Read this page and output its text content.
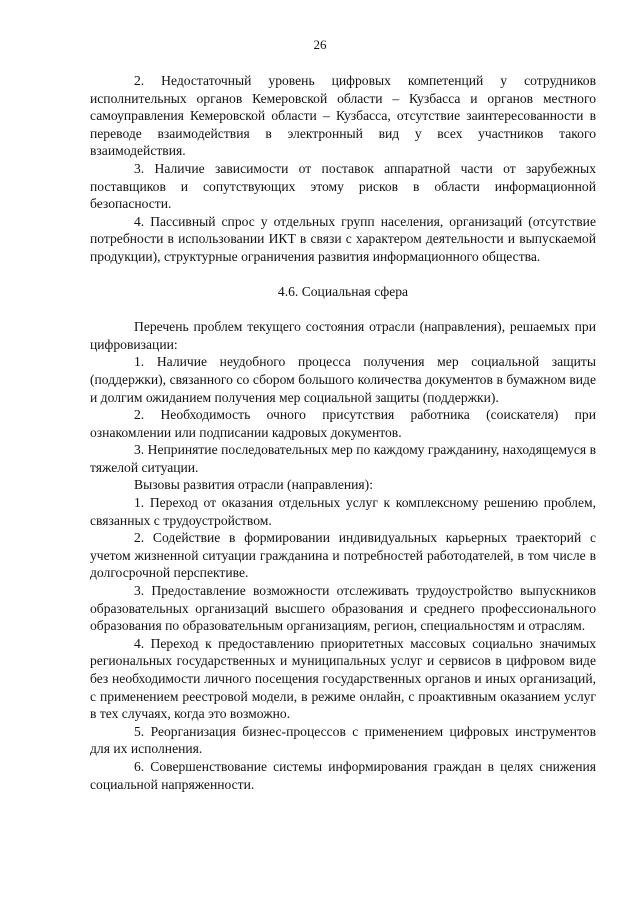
26

2. Недостаточный уровень цифровых компетенций у сотрудников исполнительных органов Кемеровской области – Кузбасса и органов местного самоуправления Кемеровской области – Кузбасса, отсутствие заинтересованности в переводе взаимодействия в электронный вид у всех участников такого взаимодействия.

3. Наличие зависимости от поставок аппаратной части от зарубежных поставщиков и сопутствующих этому рисков в области информационной безопасности.

4. Пассивный спрос у отдельных групп населения, организаций (отсутствие потребности в использовании ИКТ в связи с характером деятельности и выпускаемой продукции), структурные ограничения развития информационного общества.

4.6. Социальная сфера

Перечень проблем текущего состояния отрасли (направления), решаемых при цифровизации:

1. Наличие неудобного процесса получения мер социальной защиты (поддержки), связанного со сбором большого количества документов в бумажном виде и долгим ожиданием получения мер социальной защиты (поддержки).

2. Необходимость очного присутствия работника (соискателя) при ознакомлении или подписании кадровых документов.

3. Непринятие последовательных мер по каждому гражданину, находящемуся в тяжелой ситуации.

Вызовы развития отрасли (направления):

1. Переход от оказания отдельных услуг к комплексному решению проблем, связанных с трудоустройством.

2. Содействие в формировании индивидуальных карьерных траекторий с учетом жизненной ситуации гражданина и потребностей работодателей, в том числе в долгосрочной перспективе.

3. Предоставление возможности отслеживать трудоустройство выпускников образовательных организаций высшего образования и среднего профессионального образования по образовательным организациям, регион, специальностям и отраслям.

4. Переход к предоставлению приоритетных массовых социально значимых региональных государственных и муниципальных услуг и сервисов в цифровом виде без необходимости личного посещения государственных органов и иных организаций, с применением реестровой модели, в режиме онлайн, с проактивным оказанием услуг в тех случаях, когда это возможно.

5. Реорганизация бизнес-процессов с применением цифровых инструментов для их исполнения.

6. Совершенствование системы информирования граждан в целях снижения социальной напряженности.
